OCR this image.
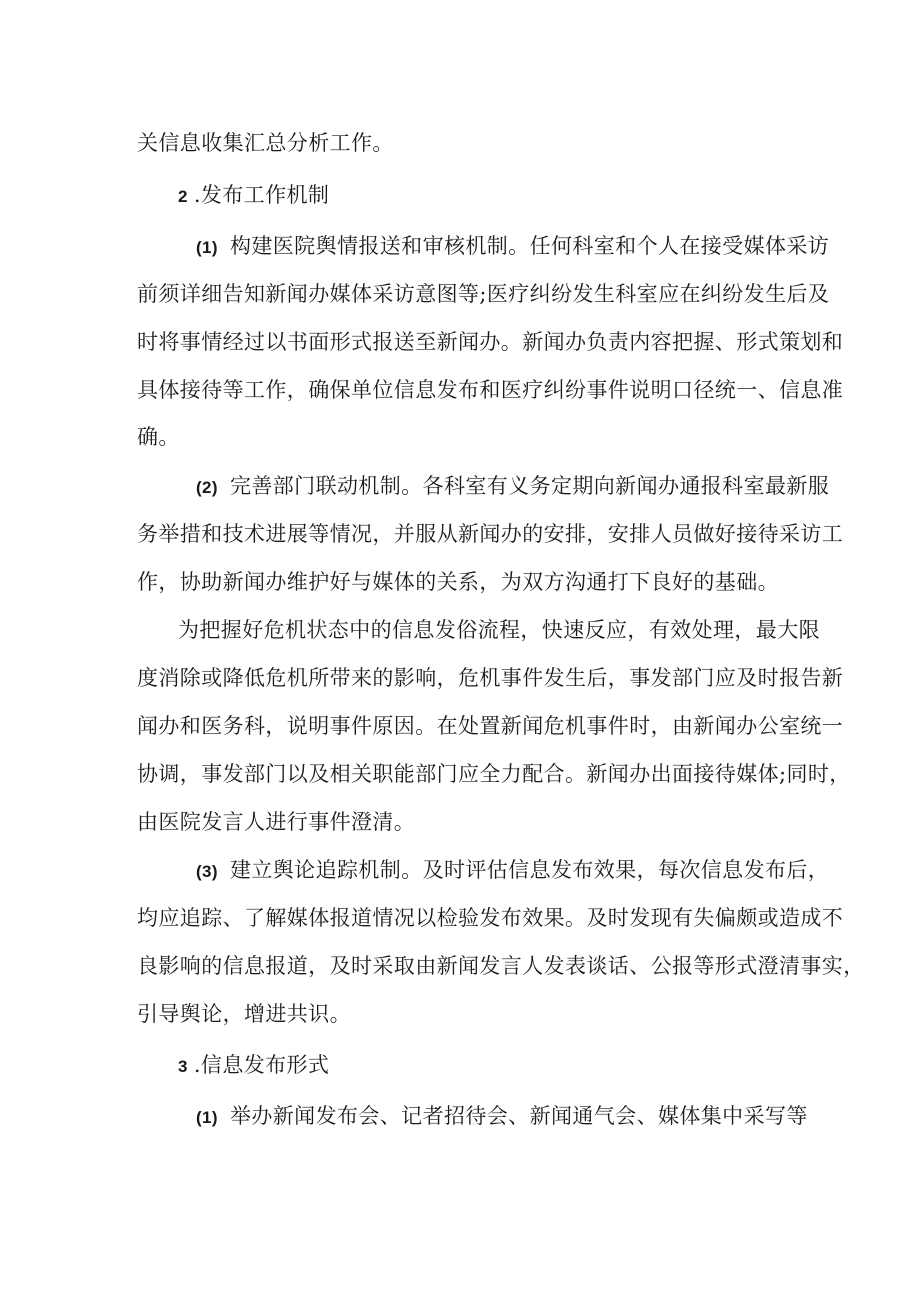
关信息收集汇总分析工作。
2 .发布工作机制
(1) 构建医院舆情报送和审核机制。任何科室和个人在接受媒体采访
前须详细告知新闻办媒体采访意图等;医疗纠纷发生科室应在纠纷发生后及
时将事情经过以书面形式报送至新闻办。新闻办负责内容把握、形式策划和
具体接待等工作，确保单位信息发布和医疗纠纷事件说明口径统一、信息准
确。
(2) 完善部门联动机制。各科室有义务定期向新闻办通报科室最新服
务举措和技术进展等情况，并服从新闻办的安排，安排人员做好接待采访工
作，协助新闻办维护好与媒体的关系，为双方沟通打下良好的基础。
为把握好危机状态中的信息发俗流程，快速反应，有效处理，最大限
度消除或降低危机所带来的影响，危机事件发生后，事发部门应及时报告新
闻办和医务科，说明事件原因。在处置新闻危机事件时，由新闻办公室统一
协调，事发部门以及相关职能部门应全力配合。新闻办出面接待媒体;同时，
由医院发言人进行事件澄清。
(3) 建立舆论追踪机制。及时评估信息发布效果，每次信息发布后，
均应追踪、了解媒体报道情况以检验发布效果。及时发现有失偏颇或造成不
良影响的信息报道，及时采取由新闻发言人发表谈话、公报等形式澄清事实，
引导舆论，增进共识。
3 .信息发布形式
(1) 举办新闻发布会、记者招待会、新闻通气会、媒体集中采写等
